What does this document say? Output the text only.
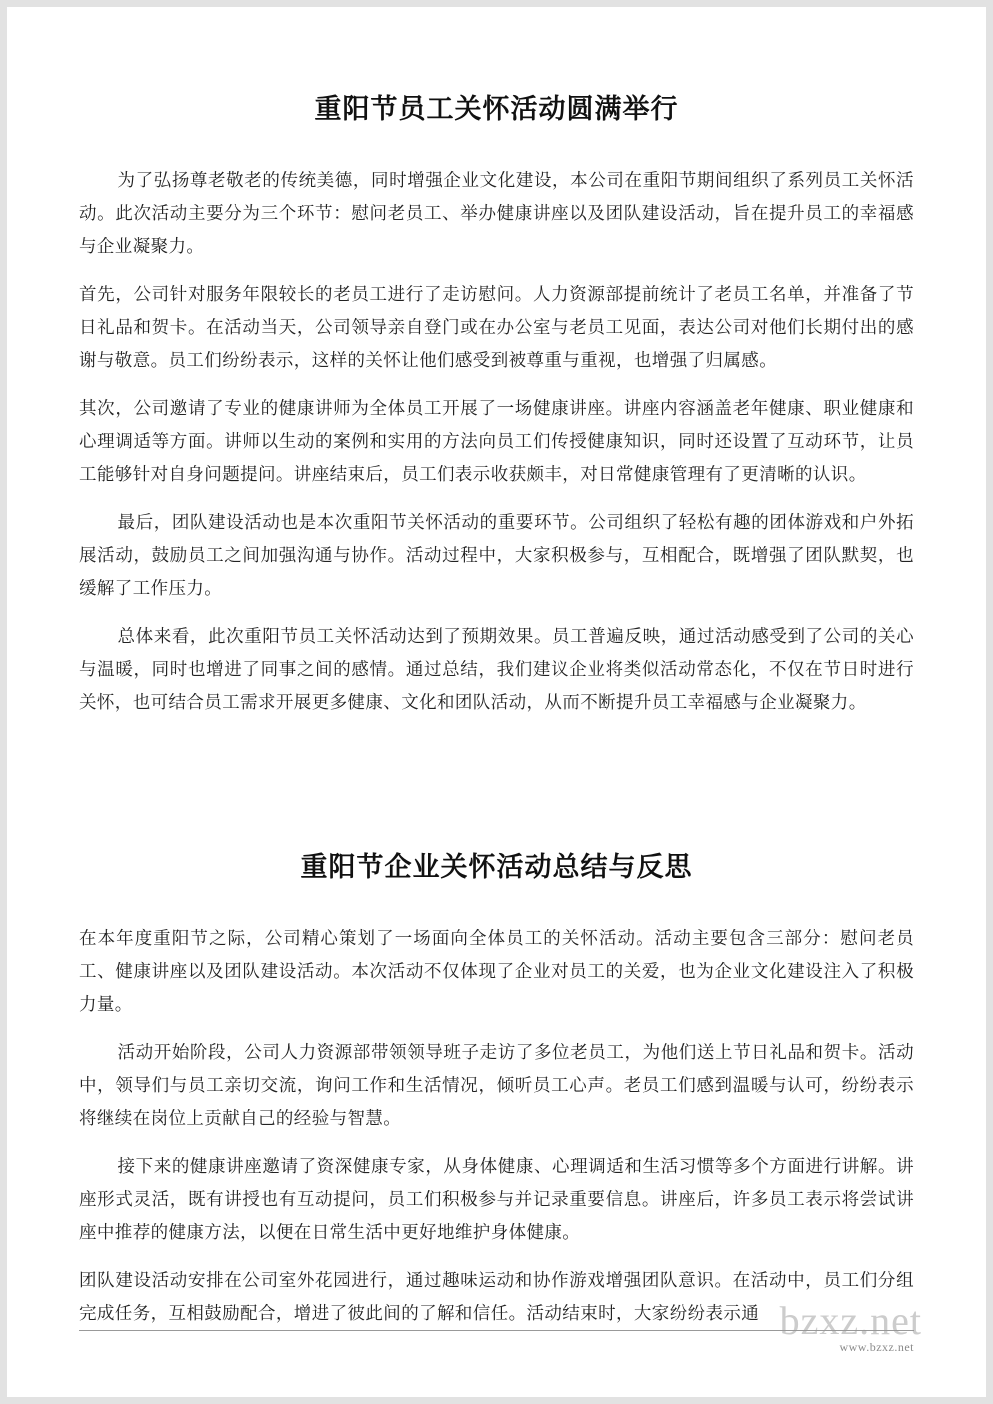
重阳节员工关怀活动圆满举行

为了弘扬尊老敬老的传统美德，同时增强企业文化建设，本公司在重阳节期间组织了系列员工关怀活动。此次活动主要分为三个环节：慰问老员工、举办健康讲座以及团队建设活动，旨在提升员工的幸福感与企业凝聚力。

首先，公司针对服务年限较长的老员工进行了走访慰问。人力资源部提前统计了老员工名单，并准备了节日礼品和贺卡。在活动当天，公司领导亲自登门或在办公室与老员工见面，表达公司对他们长期付出的感谢与敬意。员工们纷纷表示，这样的关怀让他们感受到被尊重与重视，也增强了归属感。

其次，公司邀请了专业的健康讲师为全体员工开展了一场健康讲座。讲座内容涵盖老年健康、职业健康和心理调适等方面。讲师以生动的案例和实用的方法向员工们传授健康知识，同时还设置了互动环节，让员工能够针对自身问题提问。讲座结束后，员工们表示收获颇丰，对日常健康管理有了更清晰的认识。

最后，团队建设活动也是本次重阳节关怀活动的重要环节。公司组织了轻松有趣的团体游戏和户外拓展活动，鼓励员工之间加强沟通与协作。活动过程中，大家积极参与，互相配合，既增强了团队默契，也缓解了工作压力。

总体来看，此次重阳节员工关怀活动达到了预期效果。员工普遍反映，通过活动感受到了公司的关心与温暖，同时也增进了同事之间的感情。通过总结，我们建议企业将类似活动常态化，不仅在节日时进行关怀，也可结合员工需求开展更多健康、文化和团队活动，从而不断提升员工幸福感与企业凝聚力。

重阳节企业关怀活动总结与反思

在本年度重阳节之际，公司精心策划了一场面向全体员工的关怀活动。活动主要包含三部分：慰问老员工、健康讲座以及团队建设活动。本次活动不仅体现了企业对员工的关爱，也为企业文化建设注入了积极力量。

活动开始阶段，公司人力资源部带领领导班子走访了多位老员工，为他们送上节日礼品和贺卡。活动中，领导们与员工亲切交流，询问工作和生活情况，倾听员工心声。老员工们感到温暖与认可，纷纷表示将继续在岗位上贡献自己的经验与智慧。

接下来的健康讲座邀请了资深健康专家，从身体健康、心理调适和生活习惯等多个方面进行讲解。讲座形式灵活，既有讲授也有互动提问，员工们积极参与并记录重要信息。讲座后，许多员工表示将尝试讲座中推荐的健康方法，以便在日常生活中更好地维护身体健康。

团队建设活动安排在公司室外花园进行，通过趣味运动和协作游戏增强团队意识。在活动中，员工们分组完成任务，互相鼓励配合，增进了彼此间的了解和信任。活动结束时，大家纷纷表示通 bzxz.net
www.bzxz.net
